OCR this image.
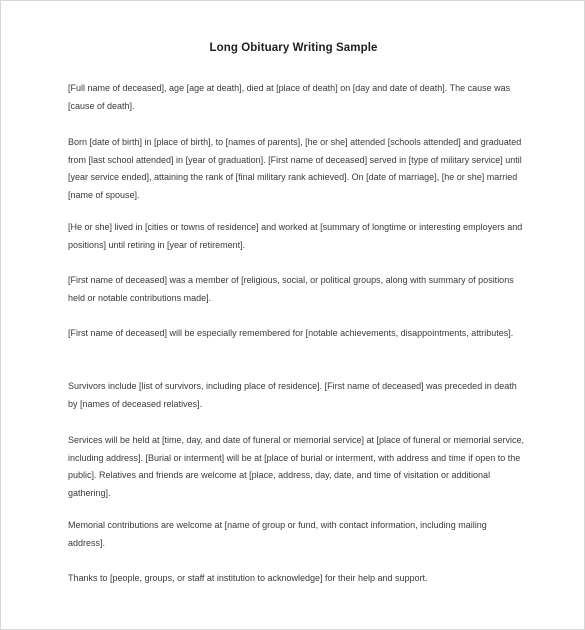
Long Obituary Writing Sample

[Full name of deceased], age [age at death], died at [place of death] on [day and date of death]. The cause was [cause of death].

Born [date of birth] in [place of birth], to [names of parents], [he or she] attended [schools attended] and graduated from [last school attended] in [year of graduation]. [First name of deceased] served in [type of military service] until [year service ended], attaining the rank of [final military rank achieved]. On [date of marriage], [he or she] married [name of spouse].

[He or she] lived in [cities or towns of residence] and worked at [summary of longtime or interesting employers and positions] until retiring in [year of retirement].

[First name of deceased] was a member of [religious, social, or political groups, along with summary of positions held or notable contributions made].

[First name of deceased] will be especially remembered for [notable achievements, disappointments, attributes].

Survivors include [list of survivors, including place of residence]. [First name of deceased] was preceded in death by [names of deceased relatives].

Services will be held at [time, day, and date of funeral or memorial service] at [place of funeral or memorial service, including address]. [Burial or interment] will be at [place of burial or interment, with address and time if open to the public]. Relatives and friends are welcome at [place, address, day, date, and time of visitation or additional gathering].

Memorial contributions are welcome at [name of group or fund, with contact information, including mailing address].

Thanks to [people, groups, or staff at institution to acknowledge] for their help and support.
